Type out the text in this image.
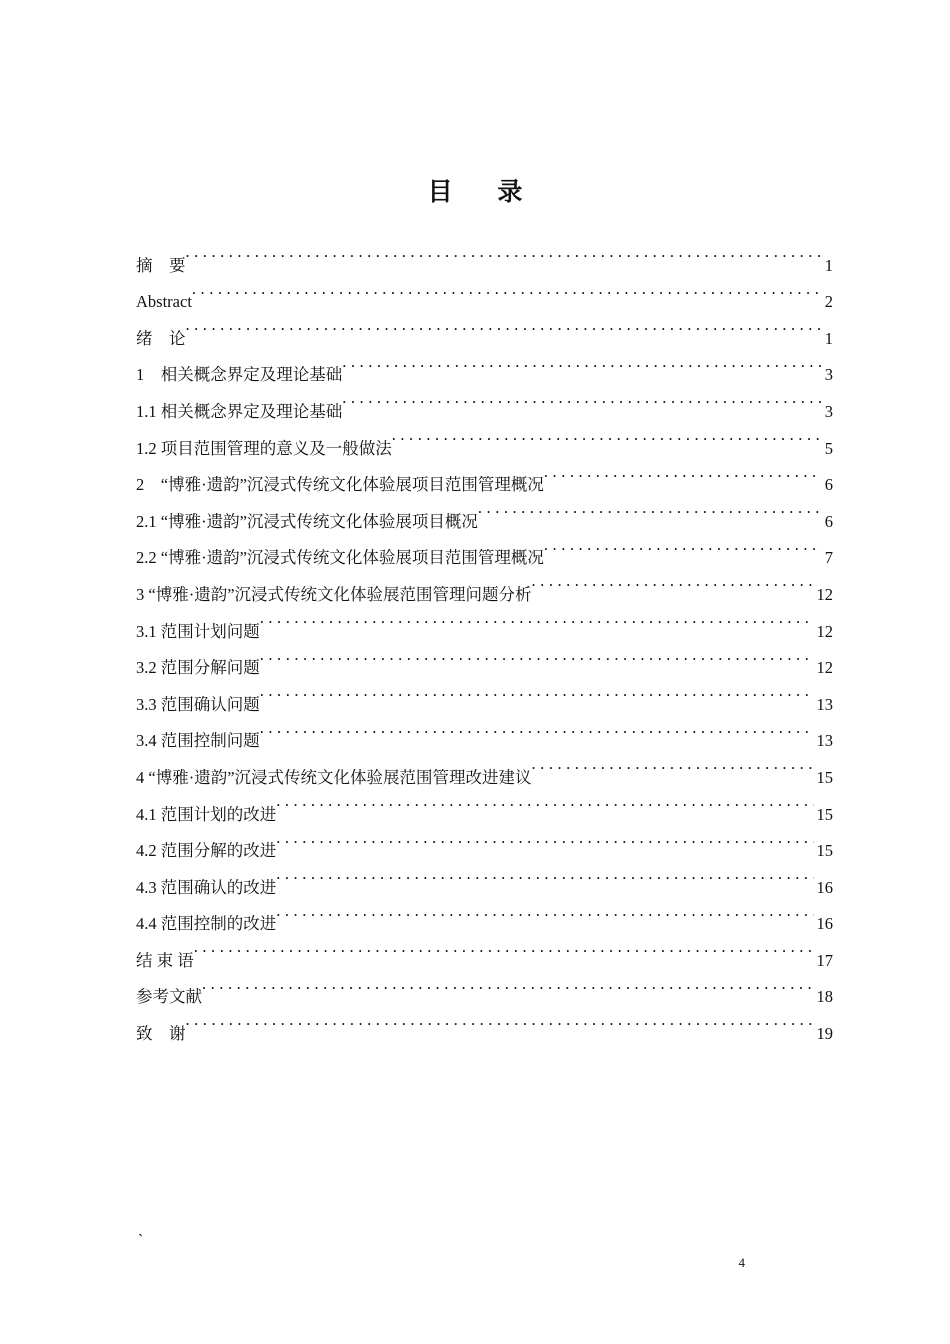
目 录
摘　要 . . .	1
Abstract . . .	2
绪　论 . . .	1
1　相关概念界定及理论基础 . . .	3
1.1 相关概念界定及理论基础 . . .	3
1.2 项目范围管理的意义及一般做法 . . .	5
2　“博雅·遗韵”沉浸式传统文化体验展项目范围管理概况 . . .	6
2.1 “博雅·遗韵”沉浸式传统文化体验展项目概况 . . .	6
2.2 “博雅·遗韵”沉浸式传统文化体验展项目范围管理概况 . . .	7
3 “博雅·遗韵”沉浸式传统文化体验展范围管理问题分析 . . .	12
3.1 范围计划问题 . . .	12
3.2 范围分解问题 . . .	12
3.3 范围确认问题 . . .	13
3.4 范围控制问题 . . .	13
4 “博雅·遗韵”沉浸式传统文化体验展范围管理改进建议 . . .	15
4.1 范围计划的改进 . . .	15
4.2 范围分解的改进 . . .	15
4.3 范围确认的改进 . . .	16
4.4 范围控制的改进 . . .	16
结 束 语 . . .	17
参考文献 . . .	18
致　谢 . . .	19
`
4
